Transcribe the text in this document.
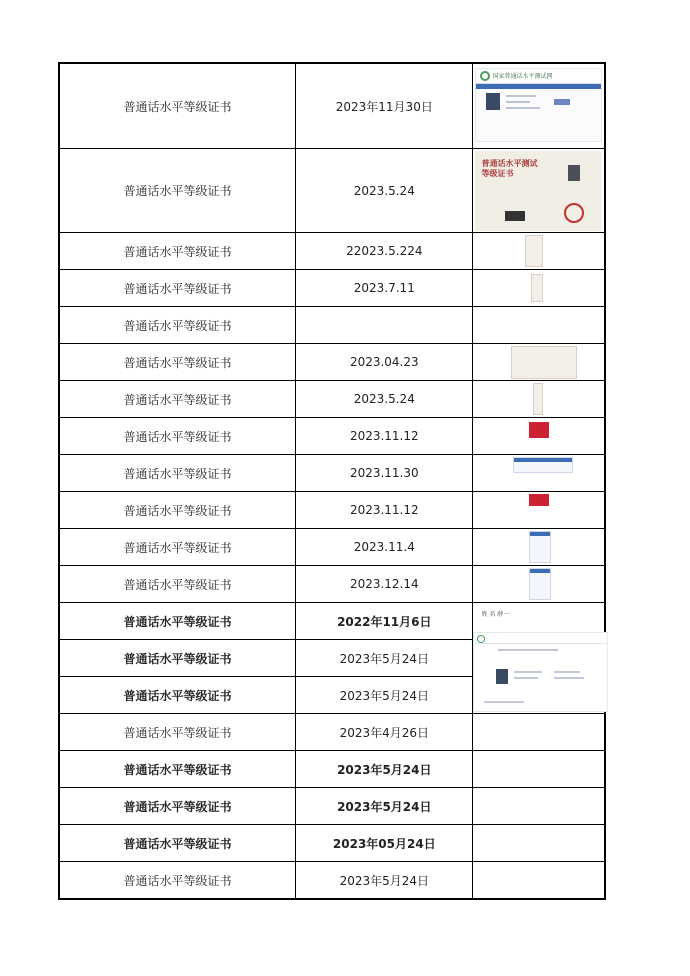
普通话水平等级证书	2023年11月30日
国家普通话水平测试网
普通话水平等级证书	2023.5.24
普通话水平测试
等级证书
普通话水平等级证书	22023.5.224
普通话水平等级证书	2023.7.11
普通话水平等级证书
普通话水平等级证书	2023.04.23
普通话水平等级证书	2023.5.24
普通话水平等级证书	2023.11.12
普通话水平等级证书	2023.11.30
普通话水平等级证书	2023.11.12
普通话水平等级证书	2023.11.4
普通话水平等级证书	2023.12.14
普通话水平等级证书	2022年11月6日	姓 名 薛一
普通话水平等级证书	2023年5月24日
普通话水平等级证书	2023年5月24日
普通话水平等级证书	2023年4月26日
普通话水平等级证书	2023年5月24日
普通话水平等级证书	2023年5月24日
普通话水平等级证书	2023年05月24日
普通话水平等级证书	2023年5月24日
